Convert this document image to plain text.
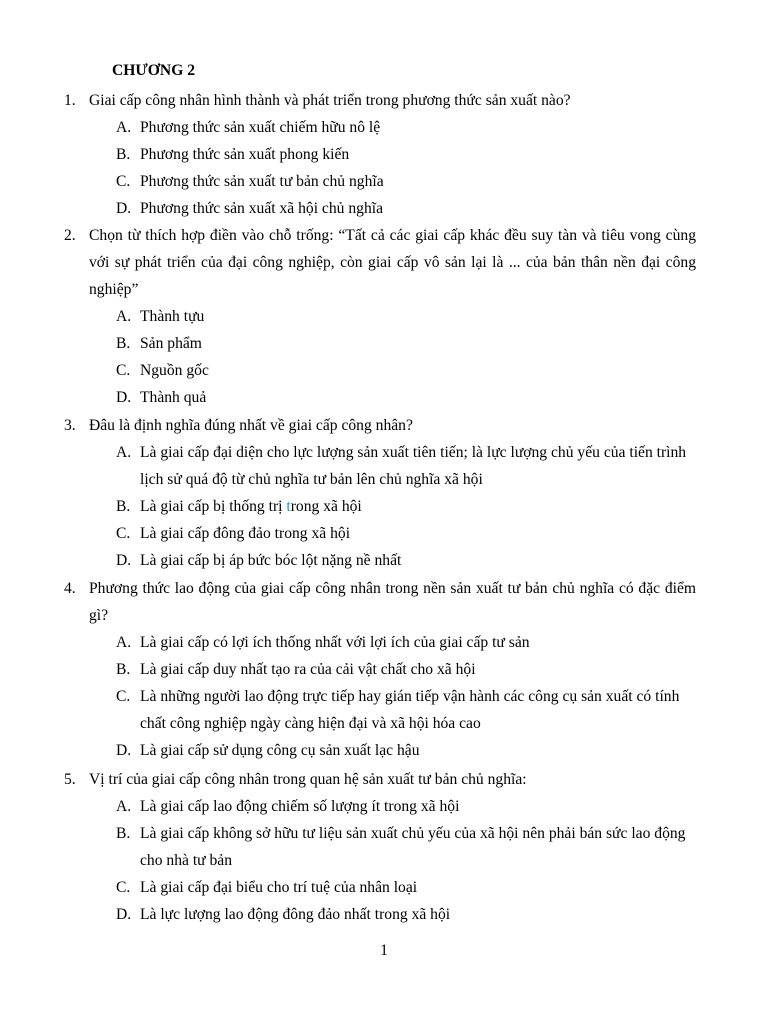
CHƯƠNG 2
1. Giai cấp công nhân hình thành và phát triển trong phương thức sản xuất nào?
A. Phương thức sản xuất chiếm hữu nô lệ
B. Phương thức sản xuất phong kiến
C. Phương thức sản xuất tư bản chủ nghĩa
D. Phương thức sản xuất xã hội chủ nghĩa
2. Chọn từ thích hợp điền vào chỗ trống: “Tất cả các giai cấp khác đều suy tàn và tiêu vong cùng với sự phát triển của đại công nghiệp, còn giai cấp vô sản lại là ... của bản thân nền đại công nghiệp”
A. Thành tựu
B. Sản phẩm
C. Nguồn gốc
D. Thành quả
3. Đâu là định nghĩa đúng nhất về giai cấp công nhân?
A. Là giai cấp đại diện cho lực lượng sản xuất tiên tiến; là lực lượng chủ yếu của tiến trình lịch sử quá độ từ chủ nghĩa tư bản lên chủ nghĩa xã hội
B. Là giai cấp bị thống trị trong xã hội
C. Là giai cấp đông đảo trong xã hội
D. Là giai cấp bị áp bức bóc lột nặng nề nhất
4. Phương thức lao động của giai cấp công nhân trong nền sản xuất tư bản chủ nghĩa có đặc điểm gì?
A. Là giai cấp có lợi ích thống nhất với lợi ích của giai cấp tư sản
B. Là giai cấp duy nhất tạo ra của cải vật chất cho xã hội
C. Là những người lao động trực tiếp hay gián tiếp vận hành các công cụ sản xuất có tính chất công nghiệp ngày càng hiện đại và xã hội hóa cao
D. Là giai cấp sử dụng công cụ sản xuất lạc hậu
5. Vị trí của giai cấp công nhân trong quan hệ sản xuất tư bản chủ nghĩa:
A. Là giai cấp lao động chiếm số lượng ít trong xã hội
B. Là giai cấp không sở hữu tư liệu sản xuất chủ yếu của xã hội nên phải bán sức lao động cho nhà tư bản
C. Là giai cấp đại biểu cho trí tuệ của nhân loại
D. Là lực lượng lao động đông đảo nhất trong xã hội
1
